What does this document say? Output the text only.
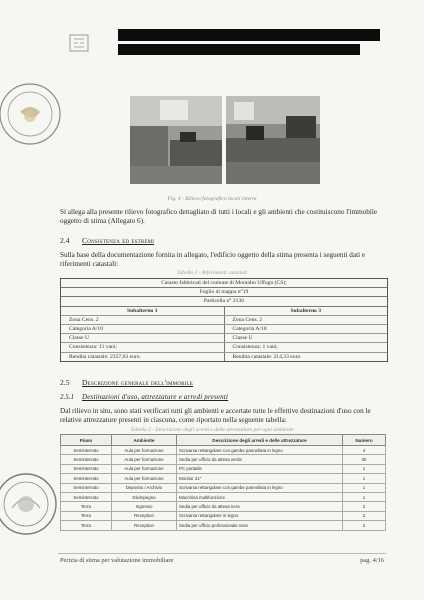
Fig. 4 - Rilievo fotografico locali interni
Si allega alla presente rilievo fotografico dettagliato di tutti i locali e gli ambienti che costituiscono l'immobile oggetto di stima (Allegato 6).
2.4 Consistenza ed estremi
Sulla base della documentazione fornita in allegato, l'edificio oggetto della stima presenta i seguenti dati e riferimenti catastali:
Tabella 1 - Riferimenti catastali
Catasto fabbricati del comune di Montalto Uffugo (CS);
Foglio di mappa n°19
Particella n° 2136
Subalterno 1	Subalterno 3
Zona Cens. 2	Zona Cens. 2
Categoria A/10	Categoria A/10
Classe U	Classe U
Consistenza: 11 vani;	Consistenza: 1 vani;
Rendita catastale: 2357,63 euro.	Rendita catastale: 214,33 euro.
2.5 Descrizione generale dell'immobile
2.5.1 Destinazioni d'uso, attrezzature e arredi presenti
Dal rilievo in situ, sono stati verificati tutti gli ambienti e accertate tutte le effettive destinazioni d'uso con le relative attrezzature presenti in ciascuna, come riportato nella seguente tabella:
Tabella 2 - Descrizione degli arredi e delle attrezzature per ogni ambiente
Piano	Ambiente	Descrizione degli arredi e delle attrezzature	Numero
Seminterrato	Aula per formazione	Scrivania rettangolare con gambe pannellata in legno	4
Seminterrato	Aula per formazione	Sedia per ufficio da attesa verde	30
Seminterrato	Aula per formazione	PC portatile	1
Seminterrato	Aula per formazione	Monitor 21"	1
Seminterrato	Deposito / Archivio	Scrivania rettangolare con gambe pannellata in legno	1
Seminterrato	Disimpegno	Macchina multifunzione	1
Terra	Ingresso	Sedia per ufficio da attesa nera	2
Terra	Reception	Scrivania rettangolare in legno	2
Terra	Reception	Sedia per ufficio professionale nera	2
Perizia di stima per valutazione immobiliare	pag. 4/16
